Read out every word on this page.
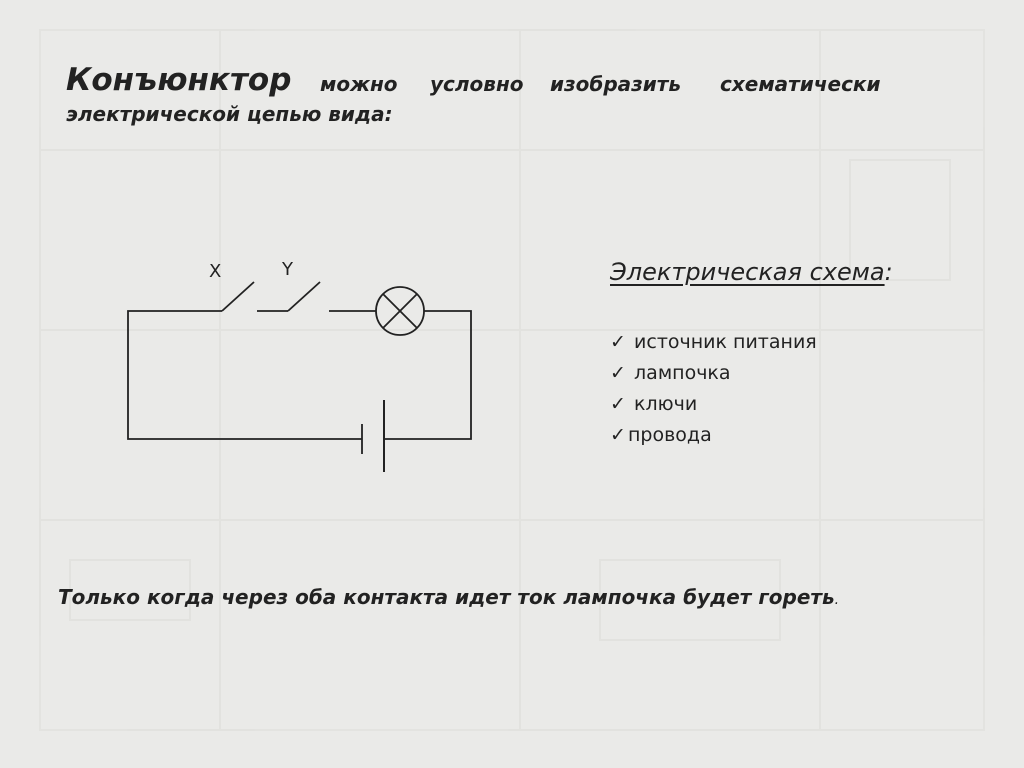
Конъюнктор можно условно изобразить схематически
электрической цепью вида:
X	Y	Электрическая схема:
✓ источник питания
✓ лампочка
✓ ключи
✓ провода
Только когда через оба контакта идет ток лампочка будет гореть.
